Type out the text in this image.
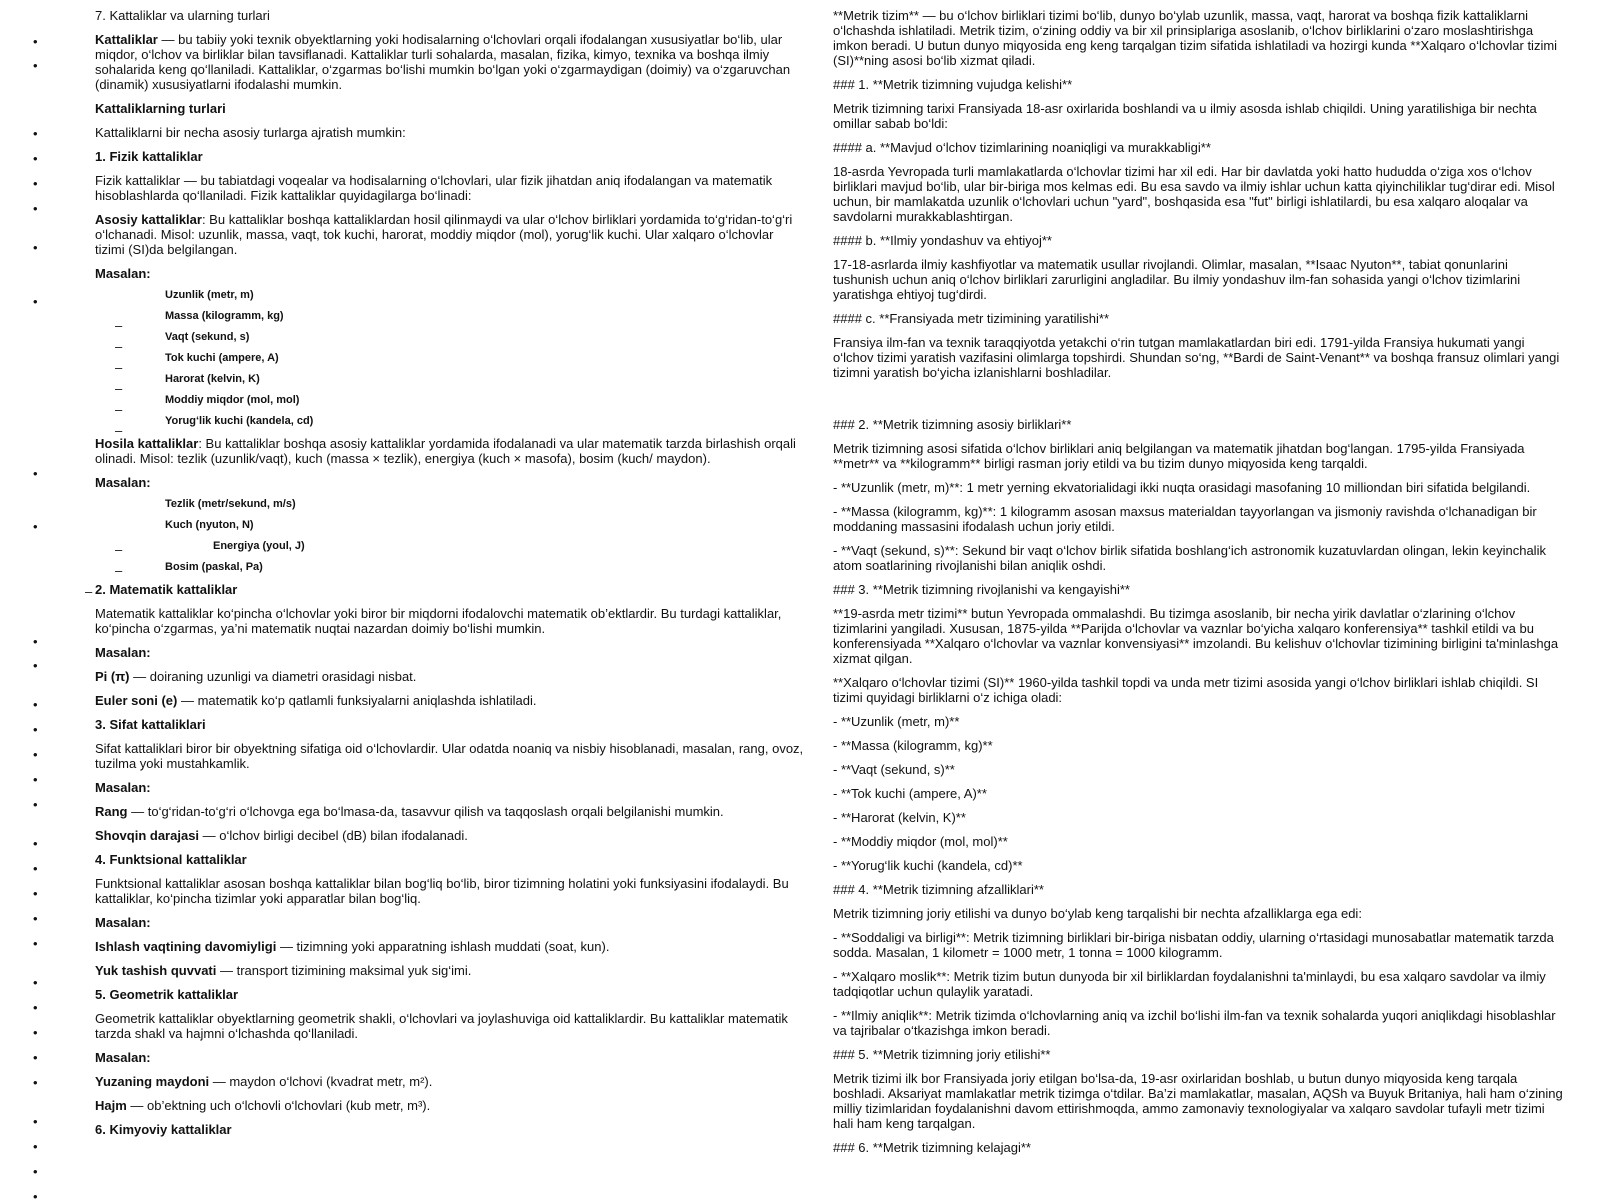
•
•
•
•
•
•
•
•
•
•
•
•
•
•
•
•
•
•
•
•
•
•
•
•
•
•
•
•
•
•
•

7. Kattaliklar va ularning turlari

Kattaliklar — bu tabiiy yoki texnik obyektlarning yoki hodisalarning o‘lchovlari orqali ifodalangan xususiyatlar bo‘lib, ular miqdor, o‘lchov va birliklar bilan tavsiflanadi. Kattaliklar turli sohalarda, masalan, fizika, kimyo, texnika va boshqa ilmiy sohalarida keng qo‘llaniladi. Kattaliklar, o‘zgarmas bo‘lishi mumkin bo‘lgan yoki o‘zgarmaydigan (doimiy) va o‘zgaruvchan (dinamik) xususiyatlarni ifodalashi mumkin.

Kattaliklarning turlari

Kattaliklarni bir necha asosiy turlarga ajratish mumkin:

1. Fizik kattaliklar

Fizik kattaliklar — bu tabiatdagi voqealar va hodisalarning o‘lchovlari, ular fizik jihatdan aniq ifodalangan va matematik hisoblashlarda qo‘llaniladi. Fizik kattaliklar quyidagilarga bo‘linadi:

Asosiy kattaliklar: Bu kattaliklar boshqa kattaliklardan hosil qilinmaydi va ular o‘lchov birliklari yordamida to‘g‘ridan-to‘g‘ri o‘lchanadi. Misol: uzunlik, massa, vaqt, tok kuchi, harorat, moddiy miqdor (mol), yorug‘lik kuchi. Ular xalqaro o‘lchovlar tizimi (SI)da belgilangan.

Masalan:

Uzunlik (metr, m)

Massa (kilogramm, kg)

Vaqt (sekund, s)

Tok kuchi (ampere, A)

Harorat (kelvin, K)

Moddiy miqdor (mol, mol)

Yorug‘lik kuchi (kandela, cd)

Hosila kattaliklar: Bu kattaliklar boshqa asosiy kattaliklar yordamida ifodalanadi va ular matematik tarzda birlashish orqali olinadi. Misol: tezlik (uzunlik/vaqt), kuch (massa × tezlik), energiya (kuch × masofa), bosim (kuch/ maydon).

Masalan:

Tezlik (metr/sekund, m/s)

Kuch (nyuton, N)

Energiya (youl, J)

Bosim (paskal, Pa)

2. Matematik kattaliklar

Matematik kattaliklar ko‘pincha o‘lchovlar yoki biror bir miqdorni ifodalovchi matematik ob’ektlardir. Bu turdagi kattaliklar, ko‘pincha o‘zgarmas, ya’ni matematik nuqtai nazardan doimiy bo‘lishi mumkin.

Masalan:

Pi (π) — doiraning uzunligi va diametri orasidagi nisbat.

Euler soni (e) — matematik ko‘p qatlamli funksiyalarni aniqlashda ishlatiladi.

3. Sifat kattaliklari

Sifat kattaliklari biror bir obyektning sifatiga oid o‘lchovlardir. Ular odatda noaniq va nisbiy hisoblanadi, masalan, rang, ovoz, tuzilma yoki mustahkamlik.

Masalan:

Rang — to‘g‘ridan-to‘g‘ri o‘lchovga ega bo‘lmasa-da, tasavvur qilish va taqqoslash orqali belgilanishi mumkin.

Shovqin darajasi — o‘lchov birligi decibel (dB) bilan ifodalanadi.

4. Funktsional kattaliklar

Funktsional kattaliklar asosan boshqa kattaliklar bilan bog‘liq bo‘lib, biror tizimning holatini yoki funksiyasini ifodalaydi. Bu kattaliklar, ko‘pincha tizimlar yoki apparatlar bilan bog‘liq.

Masalan:

Ishlash vaqtining davomiyligi — tizimning yoki apparatning ishlash muddati (soat, kun).

Yuk tashish quvvati — transport tizimining maksimal yuk sig‘imi.

5. Geometrik kattaliklar

Geometrik kattaliklar obyektlarning geometrik shakli, o‘lchovlari va joylashuviga oid kattaliklardir. Bu kattaliklar matematik tarzda shakl va hajmni o‘lchashda qo‘llaniladi.

Masalan:

Yuzaning maydoni — maydon o‘lchovi (kvadrat metr, m²).

Hajm — ob’ektning uch o‘lchovli o‘lchovlari (kub metr, m³).

6. Kimyoviy kattaliklar

–
–
–
–
–
–
–
–
–

**Metrik tizim** — bu o‘lchov birliklari tizimi bo‘lib, dunyo bo‘ylab uzunlik, massa, vaqt, harorat va boshqa fizik kattaliklarni o‘lchashda ishlatiladi. Metrik tizim, o‘zining oddiy va bir xil prinsiplariga asoslanib, o‘lchov birliklarini o‘zaro moslashtirishga imkon beradi. U butun dunyo miqyosida eng keng tarqalgan tizim sifatida ishlatiladi va hozirgi kunda **Xalqaro o‘lchovlar tizimi (SI)**ning asosi bo‘lib xizmat qiladi.

### 1. **Metrik tizimning vujudga kelishi**

Metrik tizimning tarixi Fransiyada 18-asr oxirlarida boshlandi va u ilmiy asosda ishlab chiqildi. Uning yaratilishiga bir nechta omillar sabab bo‘ldi:

#### a. **Mavjud o‘lchov tizimlarining noaniqligi va murakkabligi**

18-asrda Yevropada turli mamlakatlarda o‘lchovlar tizimi har xil edi. Har bir davlatda yoki hatto hududda o‘ziga xos o‘lchov birliklari mavjud bo‘lib, ular bir-biriga mos kelmas edi. Bu esa savdo va ilmiy ishlar uchun katta qiyinchiliklar tug‘dirar edi. Misol uchun, bir mamlakatda uzunlik o‘lchovlari uchun "yard", boshqasida esa "fut" birligi ishlatilardi, bu esa xalqaro aloqalar va savdolarni murakkablashtirgan.

#### b. **Ilmiy yondashuv va ehtiyoj**

17-18-asrlarda ilmiy kashfiyotlar va matematik usullar rivojlandi. Olimlar, masalan, **Isaac Nyuton**, tabiat qonunlarini tushunish uchun aniq o‘lchov birliklari zarurligini angladilar. Bu ilmiy yondashuv ilm-fan sohasida yangi o‘lchov tizimlarini yaratishga ehtiyoj tug‘dirdi.

#### c. **Fransiyada metr tizimining yaratilishi**

Fransiya ilm-fan va texnik taraqqiyotda yetakchi o‘rin tutgan mamlakatlardan biri edi. 1791-yilda Fransiya hukumati yangi o‘lchov tizimi yaratish vazifasini olimlarga topshirdi. Shundan so‘ng, **Bardi de Saint-Venant** va boshqa fransuz olimlari yangi tizimni yaratish bo‘yicha izlanishlarni boshladilar.

### 2. **Metrik tizimning asosiy birliklari**

Metrik tizimning asosi sifatida o‘lchov birliklari aniq belgilangan va matematik jihatdan bog‘langan. 1795-yilda Fransiyada **metr** va **kilogramm** birligi rasman joriy etildi va bu tizim dunyo miqyosida keng tarqaldi.

- **Uzunlik (metr, m)**: 1 metr yerning ekvatorialidagi ikki nuqta orasidagi masofaning 10 milliondan biri sifatida belgilandi.

- **Massa (kilogramm, kg)**: 1 kilogramm asosan maxsus materialdan tayyorlangan va jismoniy ravishda o‘lchanadigan bir moddaning massasini ifodalash uchun joriy etildi.

- **Vaqt (sekund, s)**: Sekund bir vaqt o‘lchov birlik sifatida boshlang‘ich astronomik kuzatuvlardan olingan, lekin keyinchalik atom soatlarining rivojlanishi bilan aniqlik oshdi.

### 3. **Metrik tizimning rivojlanishi va kengayishi**

**19-asrda metr tizimi** butun Yevropada ommalashdi. Bu tizimga asoslanib, bir necha yirik davlatlar o‘zlarining o‘lchov tizimlarini yangiladi. Xususan, 1875-yilda **Parijda o‘lchovlar va vaznlar bo‘yicha xalqaro konferensiya** tashkil etildi va bu konferensiyada **Xalqaro o‘lchovlar va vaznlar konvensiyasi** imzolandi. Bu kelishuv o‘lchovlar tizimining birligini ta'minlashga xizmat qilgan.

**Xalqaro o‘lchovlar tizimi (SI)** 1960-yilda tashkil topdi va unda metr tizimi asosida yangi o‘lchov birliklari ishlab chiqildi. SI tizimi quyidagi birliklarni o‘z ichiga oladi:

- **Uzunlik (metr, m)**

- **Massa (kilogramm, kg)**

- **Vaqt (sekund, s)**

- **Tok kuchi (ampere, A)**

- **Harorat (kelvin, K)**

- **Moddiy miqdor (mol, mol)**

- **Yorug‘lik kuchi (kandela, cd)**

### 4. **Metrik tizimning afzalliklari**

Metrik tizimning joriy etilishi va dunyo bo‘ylab keng tarqalishi bir nechta afzalliklarga ega edi:

- **Soddaligi va birligi**: Metrik tizimning birliklari bir-biriga nisbatan oddiy, ularning o‘rtasidagi munosabatlar matematik tarzda sodda. Masalan, 1 kilometr = 1000 metr, 1 tonna = 1000 kilogramm.

- **Xalqaro moslik**: Metrik tizim butun dunyoda bir xil birliklardan foydalanishni ta'minlaydi, bu esa xalqaro savdolar va ilmiy tadqiqotlar uchun qulaylik yaratadi.

- **Ilmiy aniqlik**: Metrik tizimda o‘lchovlarning aniq va izchil bo‘lishi ilm-fan va texnik sohalarda yuqori aniqlikdagi hisoblashlar va tajribalar o‘tkazishga imkon beradi.

### 5. **Metrik tizimning joriy etilishi**

Metrik tizimi ilk bor Fransiyada joriy etilgan bo‘lsa-da, 19-asr oxirlaridan boshlab, u butun dunyo miqyosida keng tarqala boshladi. Aksariyat mamlakatlar metrik tizimga o‘tdilar. Ba’zi mamlakatlar, masalan, AQSh va Buyuk Britaniya, hali ham o‘zining milliy tizimlaridan foydalanishni davom ettirishmoqda, ammo zamonaviy texnologiyalar va xalqaro savdolar tufayli metr tizimi hali ham keng tarqalgan.

### 6. **Metrik tizimning kelajagi**
